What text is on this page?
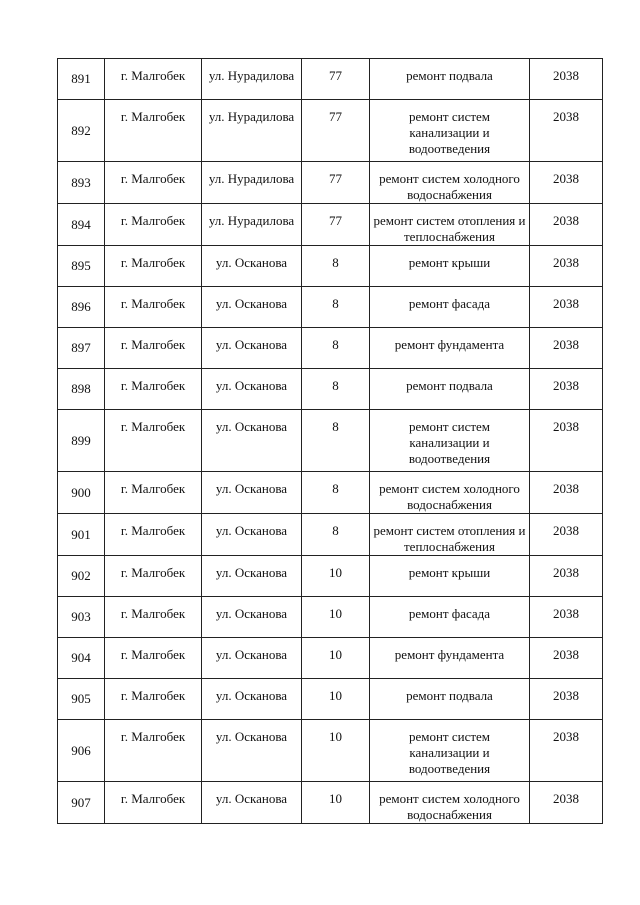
891	г. Малгобек	ул. Нурадилова	77	ремонт подвала	2038
892	г. Малгобек	ул. Нурадилова	77	ремонт систем канализации и водоотведения	2038
893	г. Малгобек	ул. Нурадилова	77	ремонт систем холодного водоснабжения	2038
894	г. Малгобек	ул. Нурадилова	77	ремонт систем отопления и теплоснабжения	2038
895	г. Малгобек	ул. Осканова	8	ремонт крыши	2038
896	г. Малгобек	ул. Осканова	8	ремонт фасада	2038
897	г. Малгобек	ул. Осканова	8	ремонт фундамента	2038
898	г. Малгобек	ул. Осканова	8	ремонт подвала	2038
899	г. Малгобек	ул. Осканова	8	ремонт систем канализации и водоотведения	2038
900	г. Малгобек	ул. Осканова	8	ремонт систем холодного водоснабжения	2038
901	г. Малгобек	ул. Осканова	8	ремонт систем отопления и теплоснабжения	2038
902	г. Малгобек	ул. Осканова	10	ремонт крыши	2038
903	г. Малгобек	ул. Осканова	10	ремонт фасада	2038
904	г. Малгобек	ул. Осканова	10	ремонт фундамента	2038
905	г. Малгобек	ул. Осканова	10	ремонт подвала	2038
906	г. Малгобек	ул. Осканова	10	ремонт систем канализации и водоотведения	2038
907	г. Малгобек	ул. Осканова	10	ремонт систем холодного водоснабжения	2038
